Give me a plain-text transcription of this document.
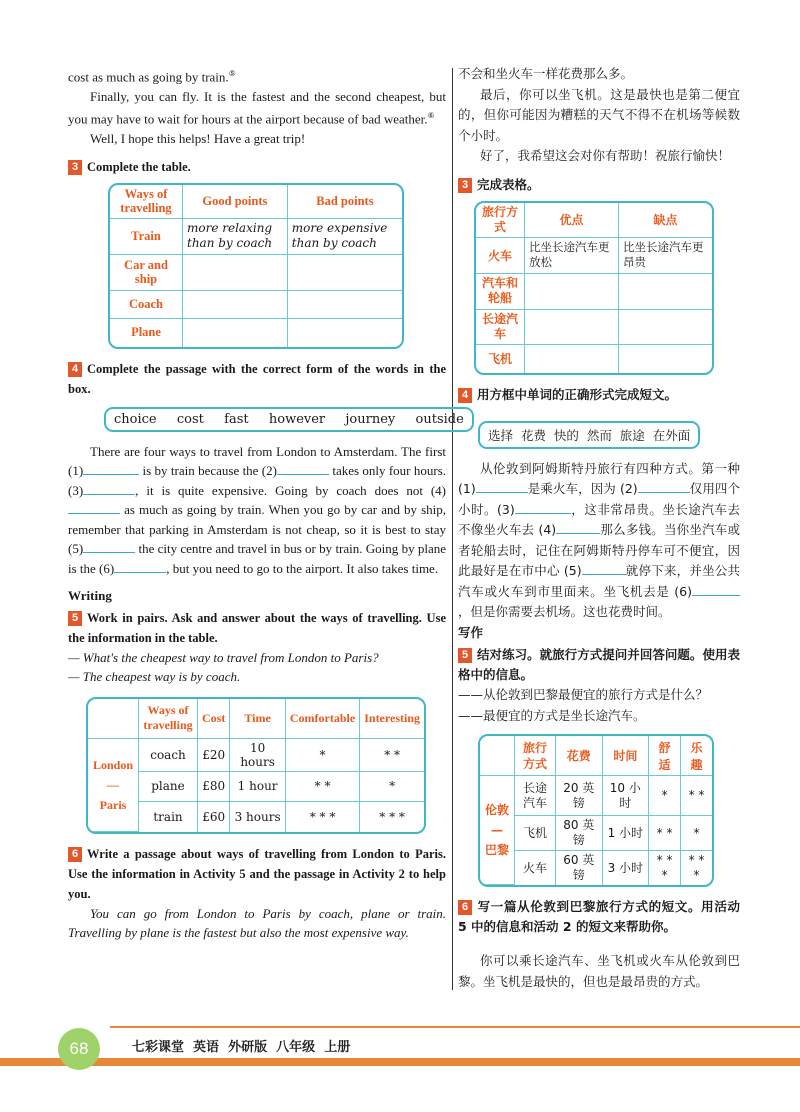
cost as much as going by train.⑤

Finally, you can fly. It is the fastest and the second cheapest, but you may have to wait for hours at the airport because of bad weather.⑥

Well, I hope this helps! Have a great trip!

3 Complete the table.

Ways of travelling	Good points	Bad points
Train	more relaxing than by coach	more expensive than by coach
Car and ship		
Coach		
Plane		

4 Complete the passage with the correct form of the words in the box.

choice  cost  fast  however  journey  outside

There are four ways to travel from London to Amsterdam. The first (1)	is by train because the (2)	takes only four hours. (3)	, it is quite expensive. Going by coach does not (4) as much as going by train. When you go by car and by ship, remember that parking in Amsterdam is not cheap, so it is best to stay (5)	the city centre and travel in bus or by train. Going by plane is the (6)	, but you need to go to the airport. It also takes time.

Writing

5 Work in pairs. Ask and answer about the ways of travelling. Use the information in the table.

— What's the cheapest way to travel from London to Paris?

— The cheapest way is by coach.

	Ways of travelling	Cost	Time	Comfortable	Interesting

London
—
Paris	coach	£20	10 hours	*	* *
	plane	£80	1 hour	* *	*
	train	£60	3 hours	* * *	* * *

6 Write a passage about ways of travelling from London to Paris. Use the information in Activity 5 and the passage in Activity 2 to help you.

You can go from London to Paris by coach, plane or train. Travelling by plane is the fastest but also the most expensive way.

不会和坐火车一样花费那么多。

最后，你可以坐飞机。这是最快也是第二便宜的，但你可能因为糟糕的天气不得不在机场等候数个小时。

好了，我希望这会对你有帮助！祝旅行愉快！

3 完成表格。

旅行方式	优点	缺点
火车	比坐长途汽车更放松	比坐长途汽车更昂贵
汽车和轮船		
长途汽车		
飞机		

4 用方框中单词的正确形式完成短文。

选择  花费  快的  然而  旅途  在外面

从伦敦到阿姆斯特丹旅行有四种方式。第一种 (1)	是乘火车，因为 (2)	仅用四个小时。(3)	，这非常昂贵。坐长途汽车去不像坐火车去 (4)	那么多钱。当你坐汽车或者轮船去时，记住在阿姆斯特丹停车可不便宜，因此最好是在市中心 (5)	就停下来，并坐公共汽车或火车到市里面来。坐飞机去是 (6)，但是你需要去机场。这也花费时间。

写作

5 结对练习。就旅行方式提问并回答问题。使用表格中的信息。

——从伦敦到巴黎最便宜的旅行方式是什么？

——最便宜的方式是坐长途汽车。

	旅行方式	花费	时间	舒适	乐趣

伦敦
—
巴黎	长途汽车	20 英镑	10 小时	*	* *
	飞机	80 英镑	1 小时	* *	*
	火车	60 英镑	3 小时	* * *	* * *

6 写一篇从伦敦到巴黎旅行方式的短文。用活动 5 中的信息和活动 2 的短文来帮助你。

你可以乘长途汽车、坐飞机或火车从伦敦到巴黎。坐飞机是最快的，但也是最昂贵的方式。

68	七彩课堂  英语  外研版  八年级  上册
